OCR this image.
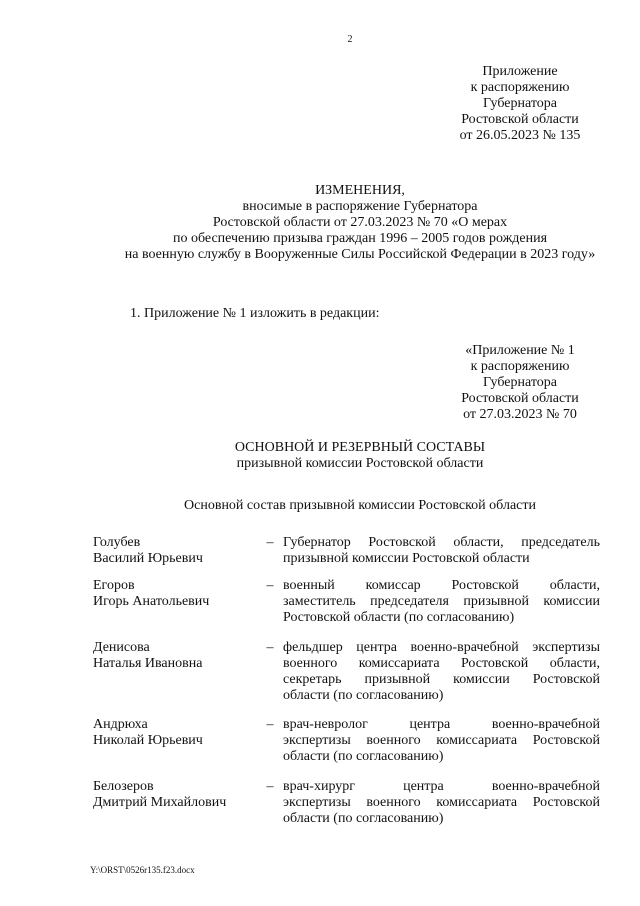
2
Приложение
к распоряжению
Губернатора
Ростовской области
от 26.05.2023 № 135
ИЗМЕНЕНИЯ,
вносимые в распоряжение Губернатора
Ростовской области от 27.03.2023 № 70 «О мерах
по обеспечению призыва граждан 1996 – 2005 годов рождения
на военную службу в Вооруженные Силы Российской Федерации в 2023 году»
1. Приложение № 1 изложить в редакции:
«Приложение № 1
к распоряжению
Губернатора
Ростовской области
от 27.03.2023 № 70
ОСНОВНОЙ И РЕЗЕРВНЫЙ СОСТАВЫ
призывной комиссии Ростовской области
Основной состав призывной комиссии Ростовской области
Голубев
Василий Юрьевич
– Губернатор Ростовской области, председатель
призывной комиссии Ростовской области
Егоров
Игорь Анатольевич
– военный комиссар Ростовской области,
заместитель председателя призывной комиссии
Ростовской области (по согласованию)
Денисова
Наталья Ивановна
– фельдшер центра военно-врачебной экспертизы
военного комиссариата Ростовской области,
секретарь призывной комиссии Ростовской
области (по согласованию)
Андрюха
Николай Юрьевич
– врач-невролог центра военно-врачебной
экспертизы военного комиссариата Ростовской
области (по согласованию)
Белозеров
Дмитрий Михайлович
– врач-хирург центра военно-врачебной
экспертизы военного комиссариата Ростовской
области (по согласованию)
Y:\ORST\0526r135.f23.docx
